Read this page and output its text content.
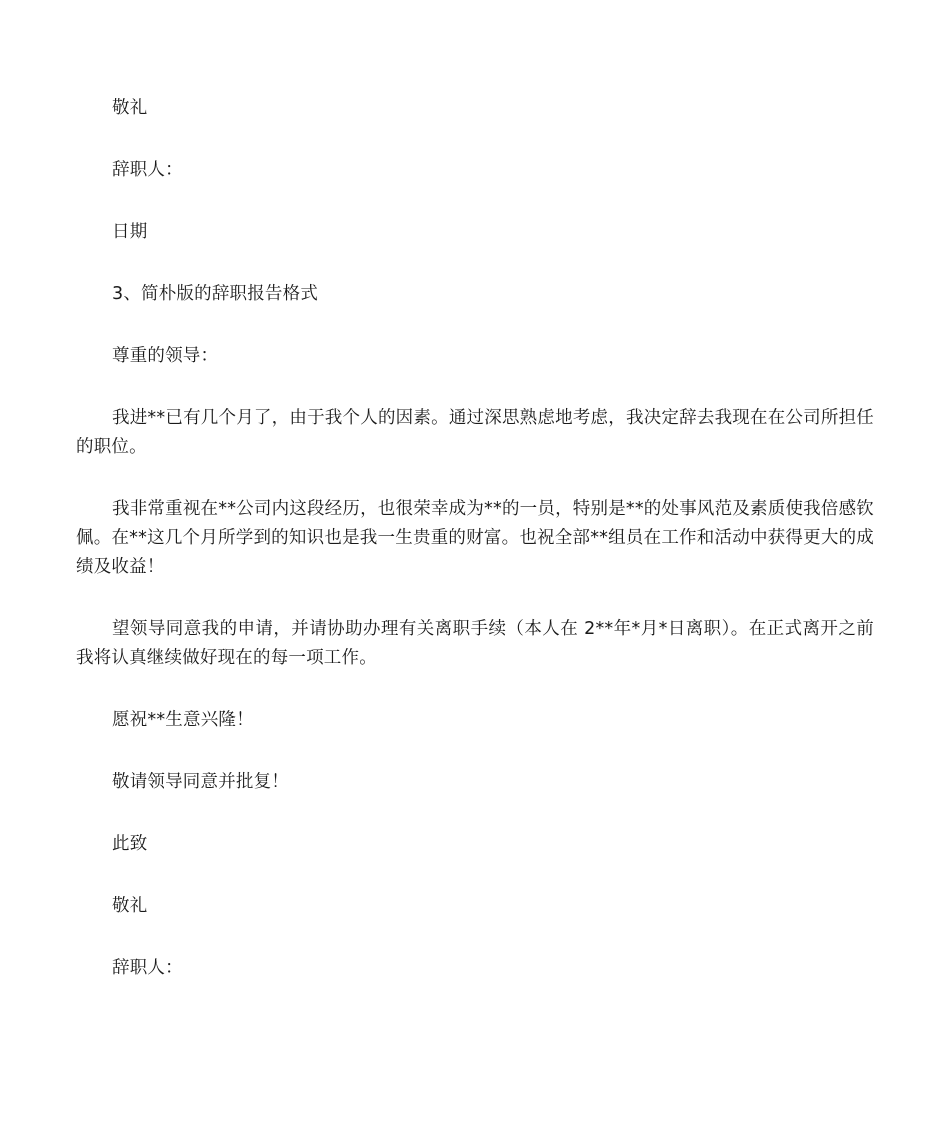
敬礼

辞职人：

日期

3、简朴版的辞职报告格式

尊重的领导：

我进**已有几个月了，由于我个人的因素。通过深思熟虑地考虑，我决定辞去我现在在公司所担任的职位。

我非常重视在**公司内这段经历，也很荣幸成为**的一员，特别是**的处事风范及素质使我倍感钦佩。在**这几个月所学到的知识也是我一生贵重的财富。也祝全部**组员在工作和活动中获得更大的成绩及收益！

望领导同意我的申请，并请协助办理有关离职手续（本人在 2**年*月*日离职）。在正式离开之前我将认真继续做好现在的每一项工作。

愿祝**生意兴隆！

敬请领导同意并批复！

此致

敬礼

辞职人：
